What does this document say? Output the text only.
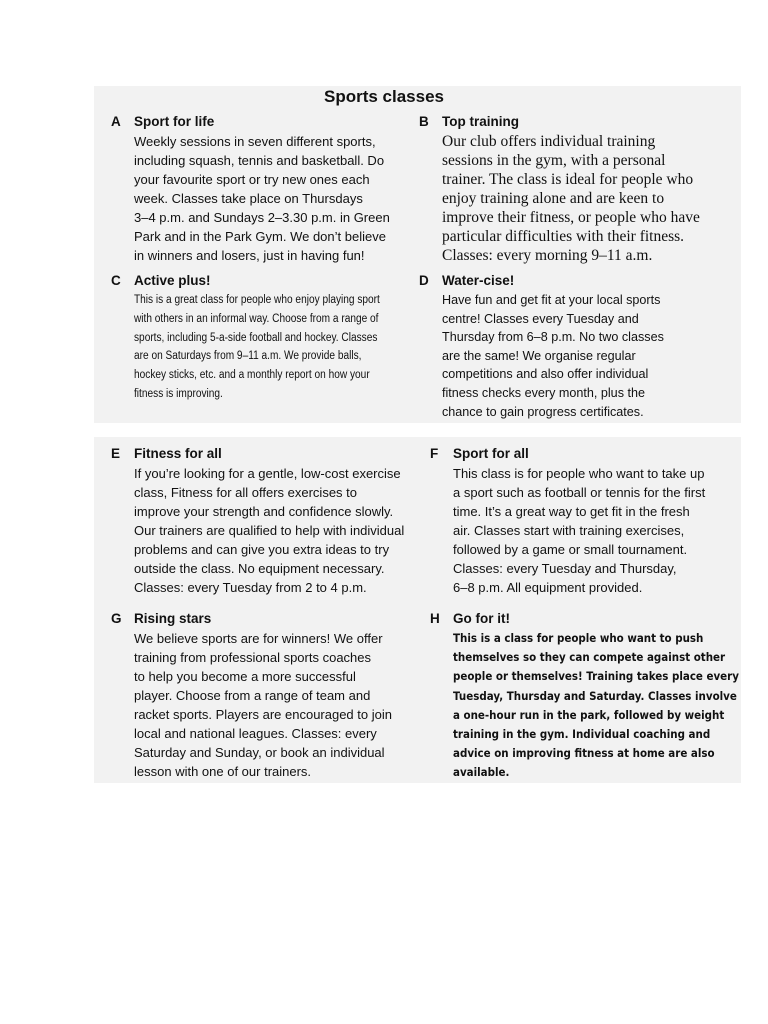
Sports classes
A Sport for life
Weekly sessions in seven different sports,
including squash, tennis and basketball. Do
your favourite sport or try new ones each
week. Classes take place on Thursdays
3–4 p.m. and Sundays 2–3.30 p.m. in Green
Park and in the Park Gym. We don’t believe
in winners and losers, just in having fun!
B Top training
Our club offers individual training
sessions in the gym, with a personal
trainer. The class is ideal for people who
enjoy training alone and are keen to
improve their fitness, or people who have
particular difficulties with their fitness.
Classes: every morning 9–11 a.m.
C Active plus!
This is a great class for people who enjoy playing sport
with others in an informal way. Choose from a range of
sports, including 5-a-side football and hockey. Classes
are on Saturdays from 9–11 a.m. We provide balls,
hockey sticks, etc. and a monthly report on how your
fitness is improving.
D Water-cise!
Have fun and get fit at your local sports
centre! Classes every Tuesday and
Thursday from 6–8 p.m. No two classes
are the same! We organise regular
competitions and also offer individual
fitness checks every month, plus the
chance to gain progress certificates.
E	Fitness for all
If you’re looking for a gentle, low-cost exercise
class, Fitness for all offers exercises to
improve your strength and confidence slowly.
Our trainers are qualified to help with individual
problems and can give you extra ideas to try
outside the class. No equipment necessary.
Classes: every Tuesday from 2 to 4 p.m.
F	Sport for all
This class is for people who want to take up
a sport such as football or tennis for the first
time. It’s a great way to get fit in the fresh
air. Classes start with training exercises,
followed by a game or small tournament.
Classes: every Tuesday and Thursday,
6–8 p.m. All equipment provided.
G Rising stars
We believe sports are for winners! We offer
training from professional sports coaches
to help you become a more successful
player. Choose from a range of team and
racket sports. Players are encouraged to join
local and national leagues. Classes: every
Saturday and Sunday, or book an individual
lesson with one of our trainers.
H Go for it!
This is a class for people who want to push
themselves so they can compete against other
people or themselves! Training takes place every
Tuesday, Thursday and Saturday. Classes involve
a one-hour run in the park, followed by weight
training in the gym. Individual coaching and
advice on improving fitness at home are also
available.
